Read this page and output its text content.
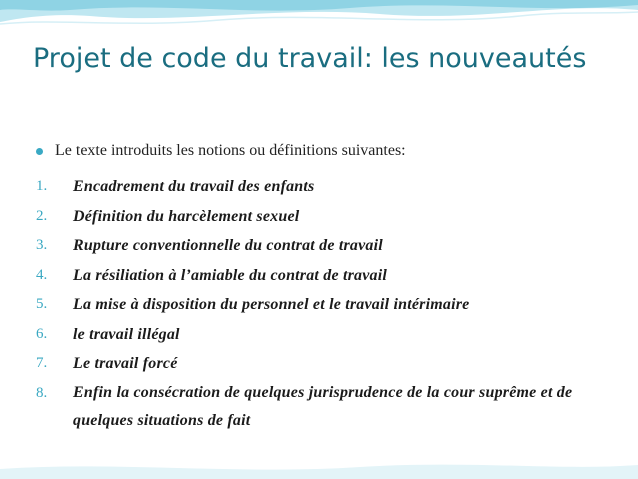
Projet de code du travail: les nouveautés
Le texte introduits les notions ou définitions suivantes:
1.	Encadrement du travail des enfants
2.	Définition du harcèlement sexuel
3.	Rupture conventionnelle du contrat de travail
4.	La résiliation à l’amiable du contrat de travail
5.	La mise à disposition du personnel et le travail intérimaire
6.	le travail illégal
7.	Le travail forcé
8.	Enfin la consécration de quelques jurisprudence de la cour suprême et de quelques situations de fait
